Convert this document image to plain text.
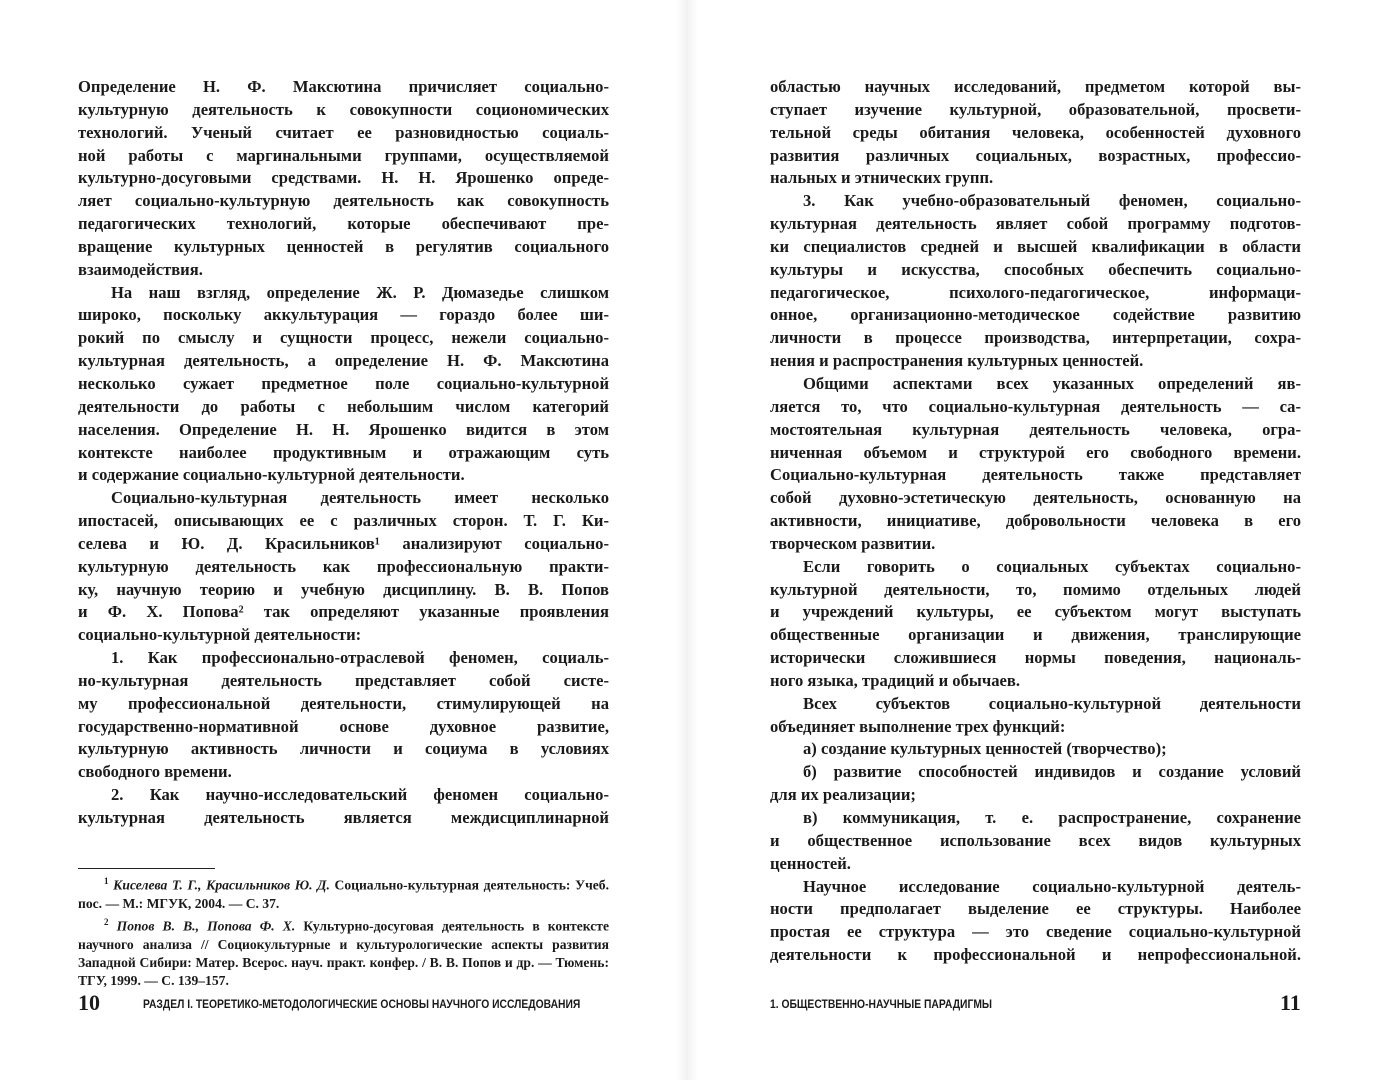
Определение Н. Ф. Максютина причисляет социально-
культурную деятельность к совокупности социономических
технологий. Ученый считает ее разновидностью социаль-
ной работы с маргинальными группами, осуществляемой
культурно-досуговыми средствами. Н. Н. Ярошенко опреде-
ляет социально-культурную деятельность как совокупность
педагогических технологий, которые обеспечивают пре-
вращение культурных ценностей в регулятив социального
взаимодействия.
На наш взгляд, определение Ж. Р. Дюмазедье слишком
широко, поскольку аккультурация — гораздо более ши-
рокий по смыслу и сущности процесс, нежели социально-
культурная деятельность, а определение Н. Ф. Максютина
несколько сужает предметное поле социально-культурной
деятельности до работы с небольшим числом категорий
населения. Определение Н. Н. Ярошенко видится в этом
контексте наиболее продуктивным и отражающим суть
и содержание социально-культурной деятельности.
Социально-культурная деятельность имеет несколько
ипостасей, описывающих ее с различных сторон. Т. Г. Ки-
селева и Ю. Д. Красильников¹ анализируют социально-
культурную деятельность как профессиональную практи-
ку, научную теорию и учебную дисциплину. В. В. Попов
и Ф. Х. Попова² так определяют указанные проявления
социально-культурной деятельности:
1. Как профессионально-отраслевой феномен, социаль-
но-культурная деятельность представляет собой систе-
му профессиональной деятельности, стимулирующей на
государственно-нормативной основе духовное развитие,
культурную активность личности и социума в условиях
свободного времени.
2. Как научно-исследовательский феномен социально-
культурная деятельность является междисциплинарной
областью научных исследований, предметом которой вы-
ступает изучение культурной, образовательной, просвети-
тельной среды обитания человека, особенностей духовного
развития различных социальных, возрастных, профессио-
нальных и этнических групп.
3. Как учебно-образовательный феномен, социально-
культурная деятельность являет собой программу подготов-
ки специалистов средней и высшей квалификации в области
культуры и искусства, способных обеспечить социально-
педагогическое, психолого-педагогическое, информаци-
онное, организационно-методическое содействие развитию
личности в процессе производства, интерпретации, сохра-
нения и распространения культурных ценностей.
Общими аспектами всех указанных определений яв-
ляется то, что социально-культурная деятельность — са-
мостоятельная культурная деятельность человека, огра-
ниченная объемом и структурой его свободного времени.
Социально-культурная деятельность также представляет
собой духовно-эстетическую деятельность, основанную на
активности, инициативе, добровольности человека в его
творческом развитии.
Если говорить о социальных субъектах социально-
культурной деятельности, то, помимо отдельных людей
и учреждений культуры, ее субъектом могут выступать
общественные организации и движения, транслирующие
исторически сложившиеся нормы поведения, националь-
ного языка, традиций и обычаев.
Всех субъектов социально-культурной деятельности
объединяет выполнение трех функций:
а) создание культурных ценностей (творчество);
б) развитие способностей индивидов и создание условий
для их реализации;
в) коммуникация, т. е. распространение, сохранение
и общественное использование всех видов культурных
ценностей.
Научное исследование социально-культурной деятель-
ности предполагает выделение ее структуры. Наиболее
простая ее структура — это сведение социально-культурной
деятельности к профессиональной и непрофессиональной.
$^1$ Киселева Т. Г., Красильников Ю. Д. Социально-культурная деятельность: Учеб. пос. — М.: МГУК, 2004. — С. 37.
$^2$ Попов В. В., Попова Ф. Х. Культурно-досуговая деятельность в контексте научного анализа // Социокультурные и культурологические аспекты развития Западной Сибири: Матер. Всерос. науч. практ. конфер. / В. В. Попов и др. — Тюмень: ТГУ, 1999. — С. 139–157.
10	РАЗДЕЛ I. ТЕОРЕТИКО-МЕТОДОЛОГИЧЕСКИЕ ОСНОВЫ НАУЧНОГО ИССЛЕДОВАНИЯ	1. ОБЩЕСТВЕННО-НАУЧНЫЕ ПАРАДИГМЫ	11
